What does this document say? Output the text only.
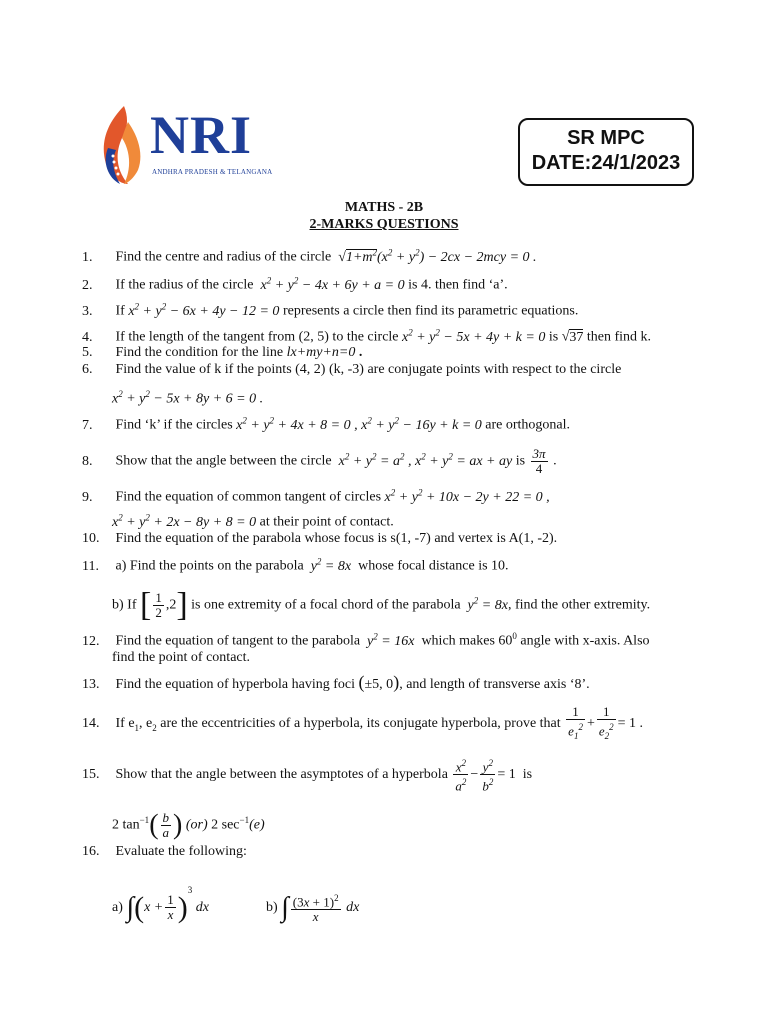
NRI
ANDHRA PRADESH & TELANGANA
SR MPC
DATE:24/1/2023
MATHS - 2B
2-MARKS QUESTIONS
1. Find the centre and radius of the circle $√1+m^2(x^2 + y^2) - 2cx - 2mcy = 0$ .
2. If the radius of the circle  $x^2 + y^2 - 4x + 6y + a = 0$ is 4. then find ‘a’.
3. If $x^2 + y^2 - 6x + 4y - 12 = 0$ represents a circle then find its parametric equations.
4. If the length of the tangent from (2, 5) to the circle $x^2 + y^2 - 5x + 4y + k = 0$ is √37 then find k.
5. Find the condition for the line lx+my+n=0 .
6. Find the value of k if the points (4, 2) (k, -3) are conjugate points with respect to the circle
$x^2 + y^2 - 5x + 8y + 6 = 0$ .
7. Find ‘k’ if the circles $x^2 + y^2 + 4x + 8 = 0$ , $x^2 + y^2 - 16y + k = 0$ are orthogonal.
8. Show that the angle between the circle  $x^2 + y^2 = a^2$ , $x^2 + y^2$ = ax + ay is $\frac{3\pi}{4}$ .
9. Find the equation of common tangent of circles $x^2 + y^2 + 10x - 2y + 22 = 0$ ,
$x^2 + y^2 + 2x - 8y + 8 = 0$ at their point of contact.
10. Find the equation of the parabola whose focus is s(1, -7) and vertex is A(1, -2).
11. a) Find the points on the parabola  $y^2 = 8x$  whose focal distance is 10.
b) If [ $\frac{1}{2} ,2$] is one extremity of a focal chord of the parabola  $y^2 = 8x$, find the other extremity.
12. Find the equation of tangent to the parabola  $y^2 = 16x$  which makes $60^0$ angle with x-axis. Also
find the point of contact.
13. Find the equation of hyperbola having foci (±5, 0), and length of transverse axis ‘8’.
14. If $e_1$, $e_2$ are the eccentricities of a hyperbola, its conjugate hyperbola, prove that $\frac{1}{e_1^2} + \frac{1}{e_2^2} = 1$ .
15. Show that the angle between the asymptotes of a hyperbola $\frac{x^2}{a^2} - \frac{y^2}{b^2} = 1$  is
2 $\tan^{-1}( \frac{b}{a}$ ) (or) 2 $\sec^{-1}(e)$
16. Evaluate the following:
a) $\int(x + \frac{1}{x} )^3$ dx	b) ∫ $\frac{(3x + 1)^2}{x}$ dx
